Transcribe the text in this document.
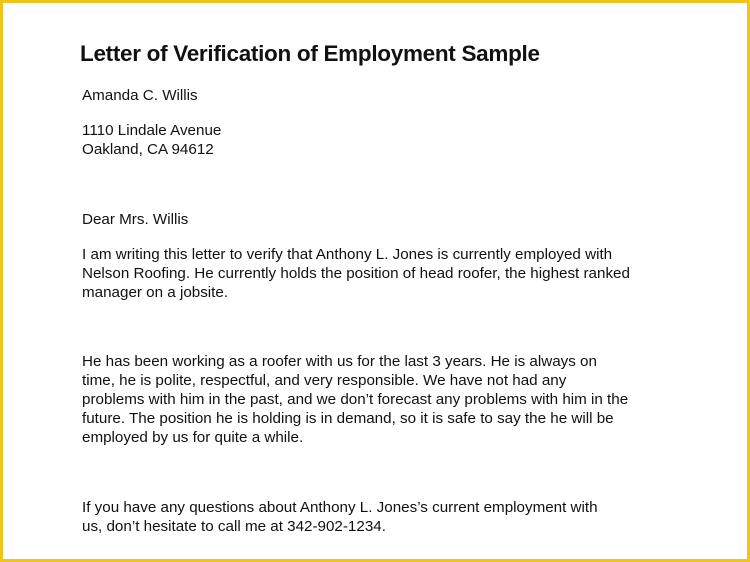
Letter of Verification of Employment Sample
Amanda C. Willis
1110 Lindale Avenue
Oakland, CA 94612
Dear Mrs. Willis
I am writing this letter to verify that Anthony L. Jones is currently employed with
Nelson Roofing. He currently holds the position of head roofer, the highest ranked
manager on a jobsite.
He has been working as a roofer with us for the last 3 years. He is always on
time, he is polite, respectful, and very responsible. We have not had any
problems with him in the past, and we don’t forecast any problems with him in the
future. The position he is holding is in demand, so it is safe to say the he will be
employed by us for quite a while.
If you have any questions about Anthony L. Jones’s current employment with
us, don’t hesitate to call me at 342-902-1234.
